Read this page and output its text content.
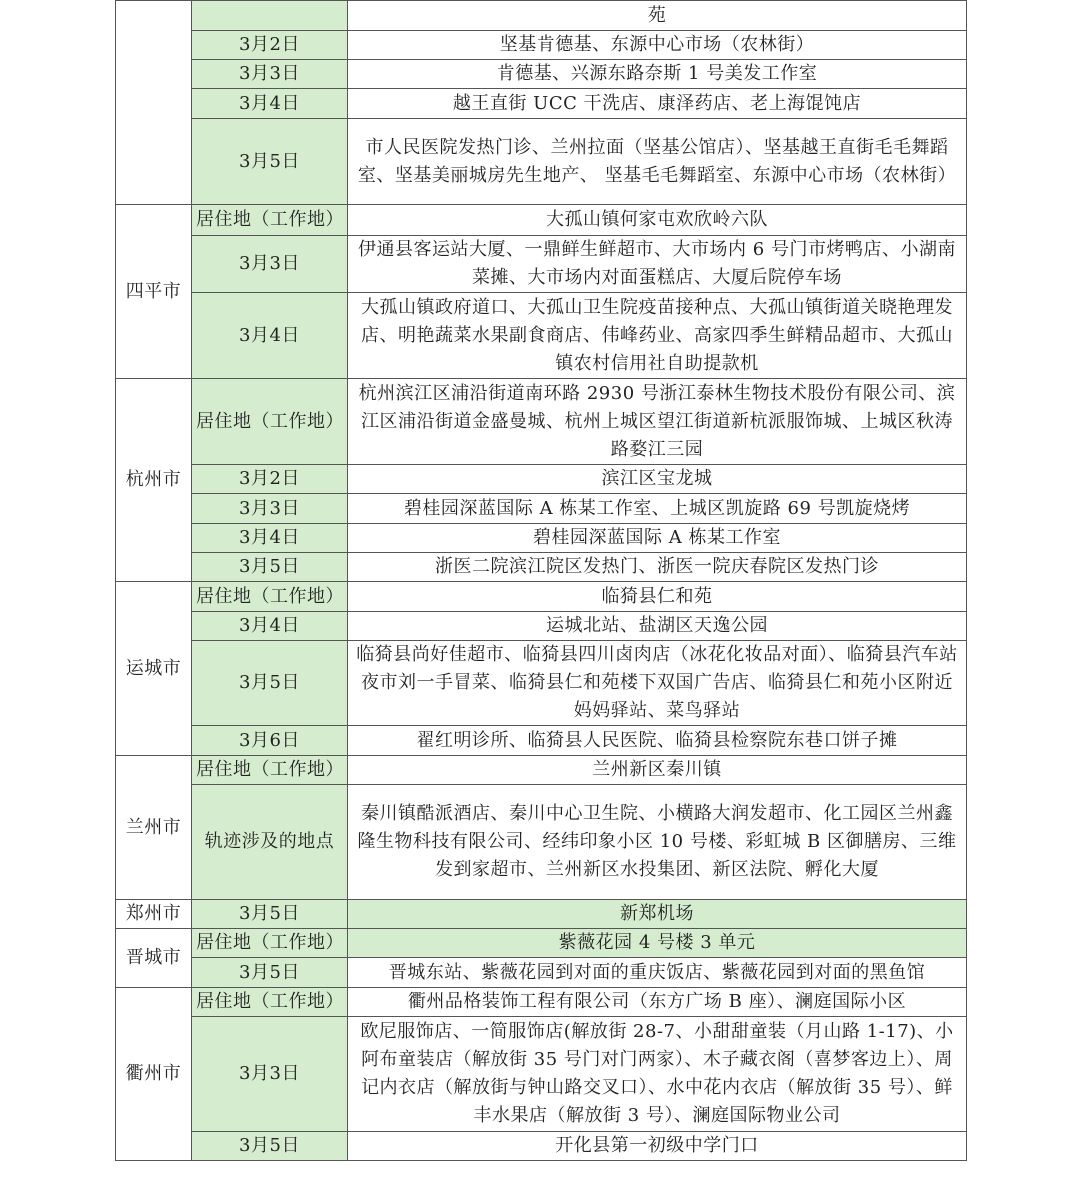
		苑
	3月2日	坚基肯德基、东源中心市场（农林街）
	3月3日	肯德基、兴源东路奈斯 1 号美发工作室
	3月4日	越王直街 UCC 干洗店、康泽药店、老上海馄饨店
	3月5日	市人民医院发热门诊、兰州拉面（坚基公馆店）、坚基越王直街毛毛舞蹈室、坚基美丽城房先生地产、 坚基毛毛舞蹈室、东源中心市场（农林街）
四平市	居住地（工作地）	大孤山镇何家屯欢欣岭六队
	3月3日	伊通县客运站大厦、一鼎鲜生鲜超市、大市场内 6 号门市烤鸭店、小湖南菜摊、大市场内对面蛋糕店、大厦后院停车场
	3月4日	大孤山镇政府道口、大孤山卫生院疫苗接种点、大孤山镇街道关晓艳理发店、明艳蔬菜水果副食商店、伟峰药业、高家四季生鲜精品超市、大孤山镇农村信用社自助提款机
杭州市	居住地（工作地）	杭州滨江区浦沿街道南环路 2930 号浙江泰林生物技术股份有限公司、滨江区浦沿街道金盛曼城、杭州上城区望江街道新杭派服饰城、上城区秋涛路婺江三园
	3月2日	滨江区宝龙城
	3月3日	碧桂园深蓝国际 A 栋某工作室、上城区凯旋路 69 号凯旋烧烤
	3月4日	碧桂园深蓝国际 A 栋某工作室
	3月5日	浙医二院滨江院区发热门、浙医一院庆春院区发热门诊
运城市	居住地（工作地）	临猗县仁和苑
	3月4日	运城北站、盐湖区天逸公园
	3月5日	临猗县尚好佳超市、临猗县四川卤肉店（冰花化妆品对面）、临猗县汽车站夜市刘一手冒菜、临猗县仁和苑楼下双国广告店、临猗县仁和苑小区附近妈妈驿站、菜鸟驿站
	3月6日	翟红明诊所、临猗县人民医院、临猗县检察院东巷口饼子摊
兰州市	居住地（工作地）	兰州新区秦川镇
	轨迹涉及的地点	秦川镇酷派酒店、秦川中心卫生院、小横路大润发超市、化工园区兰州鑫隆生物科技有限公司、经纬印象小区 10 号楼、彩虹城 B 区御膳房、三维发到家超市、兰州新区水投集团、新区法院、孵化大厦
郑州市	3月5日	新郑机场
晋城市	居住地（工作地）	紫薇花园 4 号楼 3 单元
	3月5日	晋城东站、紫薇花园到对面的重庆饭店、紫薇花园到对面的黑鱼馆
衢州市	居住地（工作地）	衢州品格装饰工程有限公司（东方广场 B 座）、澜庭国际小区
	3月3日	欧尼服饰店、一简服饰店(解放街 28-7、小甜甜童装（月山路 1-17)、小阿布童装店（解放街 35 号门对门两家）、木子藏衣阁（喜梦客边上）、周记内衣店（解放街与钟山路交叉口）、水中花内衣店（解放街 35 号）、鲜丰水果店（解放街 3 号）、澜庭国际物业公司
	3月5日	开化县第一初级中学门口
